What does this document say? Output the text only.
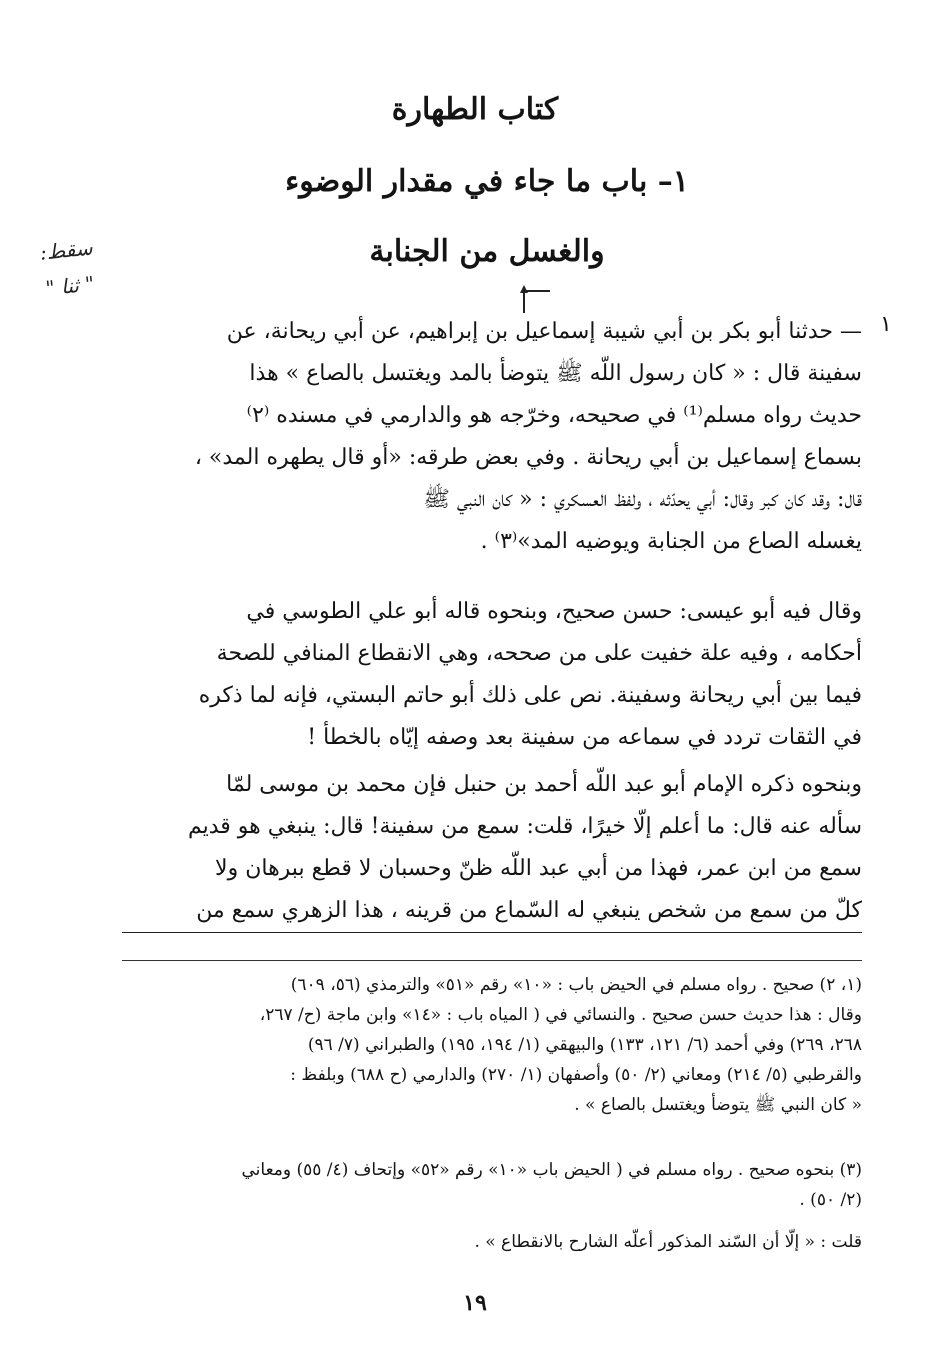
كتاب الطهارة
١– باب ما جاء في مقدار الوضوء
والغسل من الجنابة
سقط:
" ثنا "
١
— حدثنا أبو بكر بن أبي شيبة إسماعيل بن إبراهيم، عن أبي ريحانة، عن
سفينة قال : « كان رسول اللّه ﷺ يتوضأ بالمد ويغتسل بالصاع » هذا
حديث رواه مسلم⁽¹⁾ في صحيحه، وخرّجه هو والدارمي في مسنده ⁽٢⁾
بسماع إسماعيل بن أبي ريحانة . وفي بعض طرقه: «أو قال يطهره المد» ،
قال: وقد كان كبر وقال: أبي يحدّثه ، ولفظ العسكري : « كان النبي ﷺ
يغسله الصاع من الجنابة ويوضيه المد»⁽٣⁾ .
وقال فيه أبو عيسى: حسن صحيح، وبنحوه قاله أبو علي الطوسي في
أحكامه ، وفيه علة خفيت على من صححه، وهي الانقطاع المنافي للصحة
فيما بين أبي ريحانة وسفينة. نص على ذلك أبو حاتم البستي، فإنه لما ذكره
في الثقات تردد في سماعه من سفينة بعد وصفه إيّاه بالخطأ !
وبنحوه ذكره الإمام أبو عبد اللّه أحمد بن حنبل فإن محمد بن موسى لمّا
سأله عنه قال: ما أعلم إلّا خيرًا، قلت: سمع من سفينة! قال: ينبغي هو قديم
سمع من ابن عمر، فهذا من أبي عبد اللّه ظنّ وحسبان لا قطع ببرهان ولا
كلّ من سمع من شخص ينبغي له السّماع من قرينه ، هذا الزهري سمع من
(١، ٢) صحيح . رواه مسلم في الحيض باب : «١٠» رقم «٥١» والترمذي (٥٦، ٦٠٩)
وقال : هذا حديث حسن صحيح . والنسائي في ( المياه باب : «١٤» وابن ماجة (ح/ ٢٦٧،
٢٦٨، ٢٦٩) وفي أحمد (٦/ ١٢١، ١٣٣) والبيهقي (١/ ١٩٤، ١٩٥) والطبراني (٧/ ٩٦)
والقرطبي (٥/ ٢١٤) ومعاني (٢/ ٥٠) وأصفهان (١/ ٢٧٠) والدارمي (ح ٦٨٨) وبلفظ :
« كان النبي ﷺ يتوضأ ويغتسل بالصاع » .
(٣) بنحوه صحيح . رواه مسلم في ( الحيض باب «١٠» رقم «٥٢» وإتحاف (٤/ ٥٥) ومعاني
(٢/ ٥٠) .
قلت : « إلّا أن السّند المذكور أعلّه الشارح بالانقطاع » .
١٩
